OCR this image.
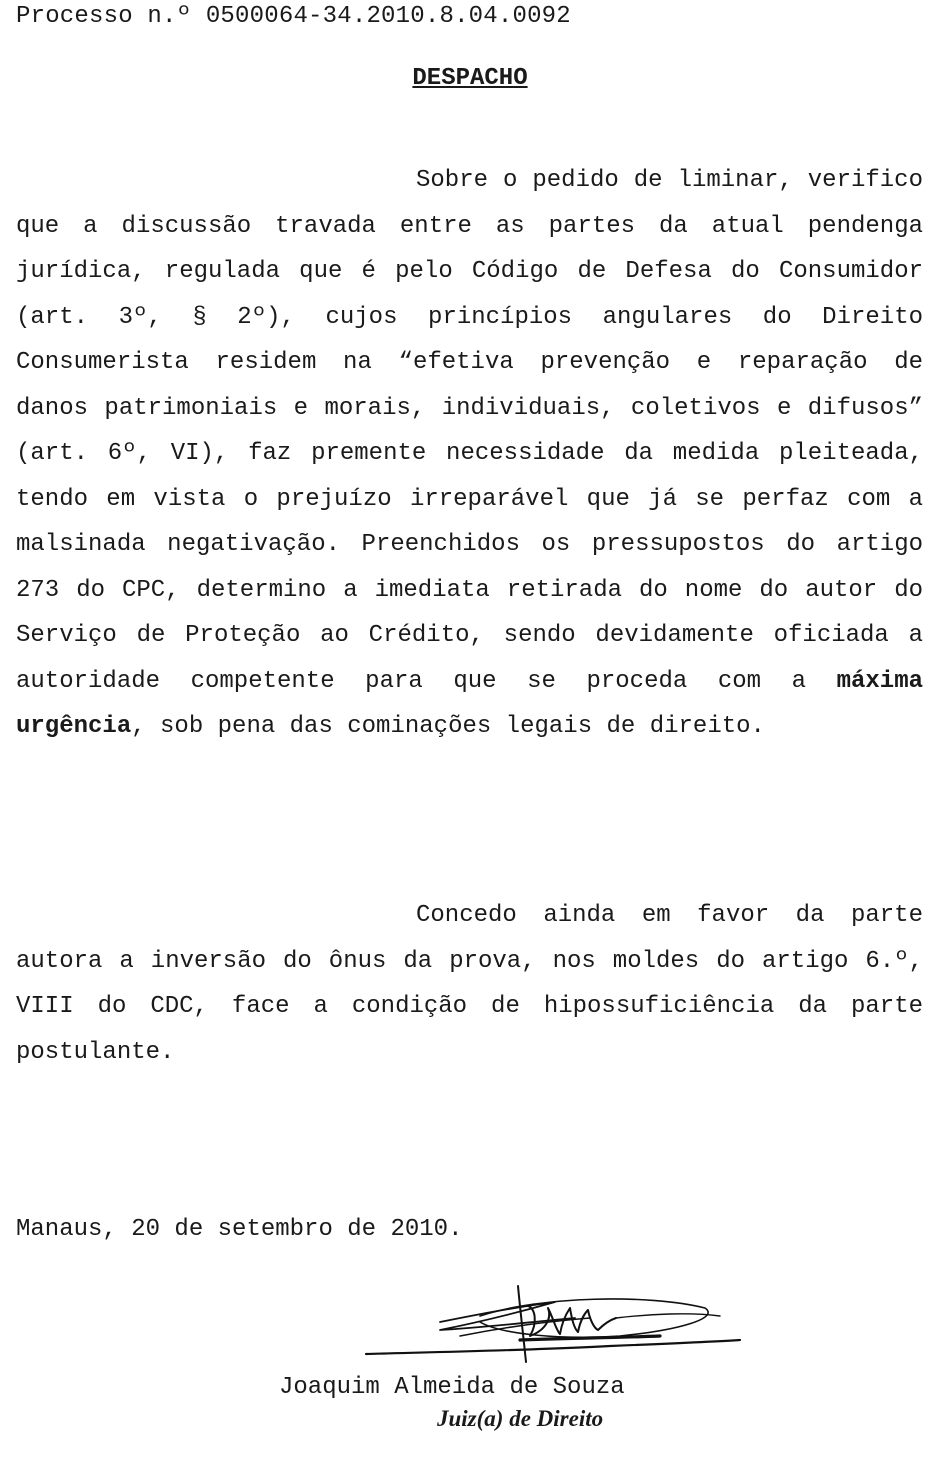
Processo n.º 0500064-34.2010.8.04.0092
DESPACHO

Sobre o pedido de liminar, verifico que a discussão travada entre as partes da atual pendenga jurídica, regulada que é pelo Código de Defesa do Consumidor (art. 3º, § 2º), cujos princípios angulares do Direito Consumerista residem na “efetiva prevenção e reparação de danos patrimoniais e morais, individuais, coletivos e difusos” (art. 6º, VI), faz premente necessidade da medida pleiteada, tendo em vista o prejuízo irreparável que já se perfaz com a malsinada negativação. Preenchidos os pressupostos do artigo 273 do CPC, determino a imediata retirada do nome do autor do Serviço de Proteção ao Crédito, sendo devidamente oficiada a autoridade competente para que se proceda com a máxima urgência, sob pena das cominações legais de direito.

Concedo ainda em favor da parte autora a inversão do ônus da prova, nos moldes do artigo 6.º, VIII do CDC, face a condição de hipossuficiência da parte postulante.

Manaus, 20 de setembro de 2010.
Joaquim Almeida de Souza
Juiz(a) de Direito
